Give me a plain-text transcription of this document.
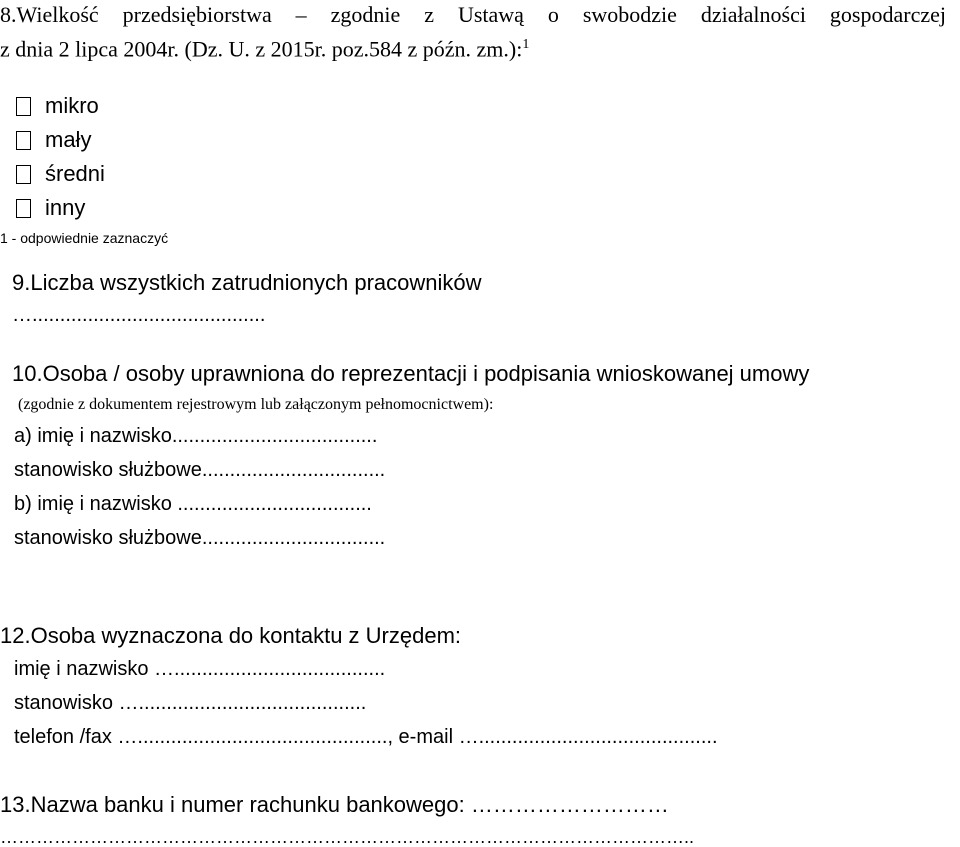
8.Wielkość przedsiębiorstwa – zgodnie z Ustawą o swobodzie działalności gospodarczej
z dnia 2 lipca 2004r. (Dz. U. z 2015r. poz.584 z późn. zm.):$^1$
mikro
mały
średni
inny
1 - odpowiednie zaznaczyć
9.Liczba wszystkich zatrudnionych pracowników
…..........................................
10.Osoba / osoby uprawniona do reprezentacji i podpisania wnioskowanej umowy
(zgodnie z dokumentem rejestrowym lub załączonym pełnomocnictwem):
a) imię i nazwisko.....................................
stanowisko służbowe.................................
b) imię i nazwisko ...................................
stanowisko służbowe.................................
12.Osoba wyznaczona do kontaktu z Urzędem:
imię i nazwisko …......................................
stanowisko ….........................................
telefon /fax …............................................., e-mail …...........................................
13.Nazwa banku i numer rachunku bankowego: ………………………
……………………………………………………………………………………………………..
